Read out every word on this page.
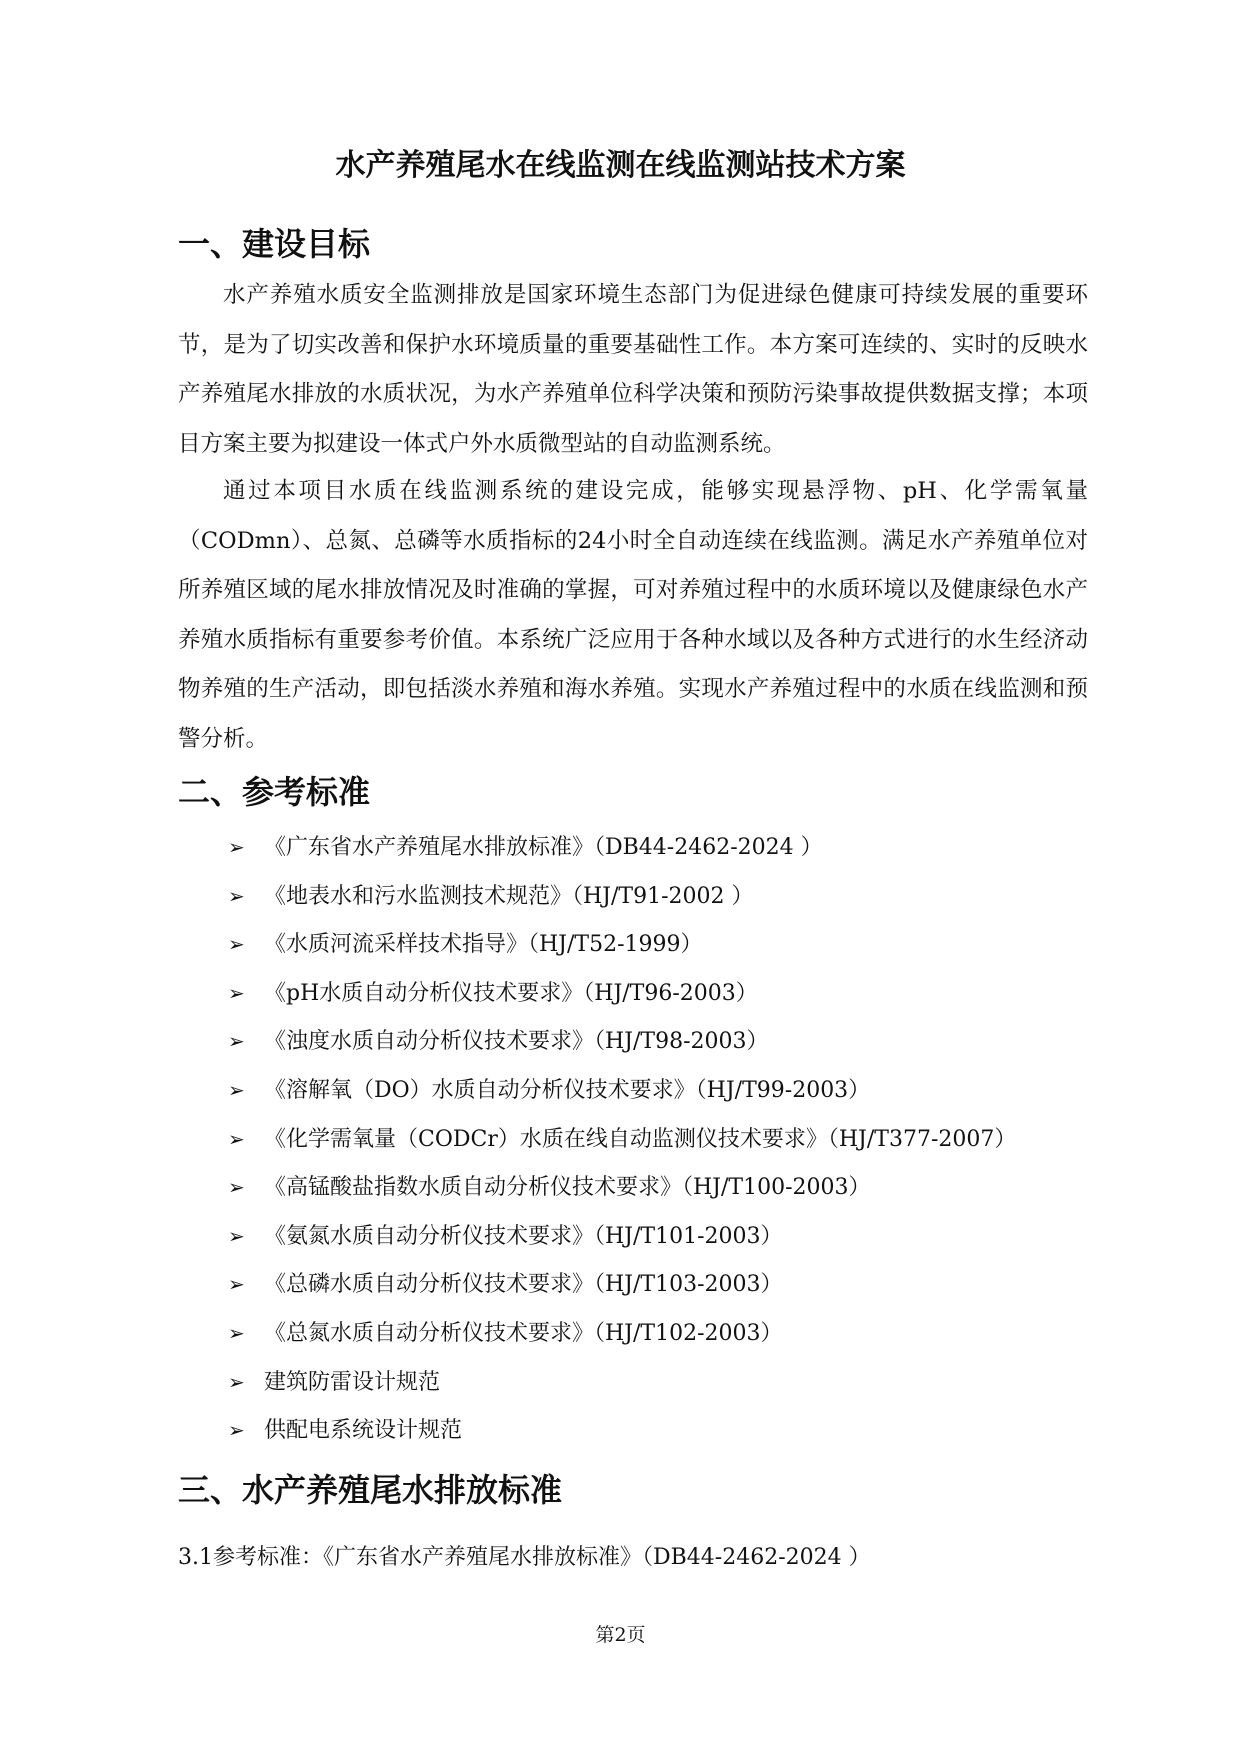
水产养殖尾水在线监测在线监测站技术方案
一、建设目标

水产养殖水质安全监测排放是国家环境生态部门为促进绿色健康可持续发展的重要环节，是为了切实改善和保护水环境质量的重要基础性工作。本方案可连续的、实时的反映水产养殖尾水排放的水质状况，为水产养殖单位科学决策和预防污染事故提供数据支撑；本项目方案主要为拟建设一体式户外水质微型站的自动监测系统。

通过本项目水质在线监测系统的建设完成，能够实现悬浮物、pH、化学需氧量（CODmn）、总氮、总磷等水质指标的24小时全自动连续在线监测。满足水产养殖单位对所养殖区域的尾水排放情况及时准确的掌握，可对养殖过程中的水质环境以及健康绿色水产养殖水质指标有重要参考价值。本系统广泛应用于各种水域以及各种方式进行的水生经济动物养殖的生产活动，即包括淡水养殖和海水养殖。实现水产养殖过程中的水质在线监测和预警分析。

二、参考标准
➢ 《广东省水产养殖尾水排放标准》（DB44-2462-2024 ）
➢ 《地表水和污水监测技术规范》（HJ/T91-2002 ）
➢ 《水质河流采样技术指导》（HJ/T52-1999）
➢ 《pH水质自动分析仪技术要求》（HJ/T96-2003）
➢ 《浊度水质自动分析仪技术要求》（HJ/T98-2003）
➢ 《溶解氧（DO）水质自动分析仪技术要求》（HJ/T99-2003）
➢ 《化学需氧量（CODCr）水质在线自动监测仪技术要求》（HJ/T377-2007）
➢ 《高锰酸盐指数水质自动分析仪技术要求》（HJ/T100-2003）
➢ 《氨氮水质自动分析仪技术要求》（HJ/T101-2003）
➢ 《总磷水质自动分析仪技术要求》（HJ/T103-2003）
➢ 《总氮水质自动分析仪技术要求》（HJ/T102-2003）
➢ 建筑防雷设计规范
➢ 供配电系统设计规范
三、水产养殖尾水排放标准
3.1参考标准：《广东省水产养殖尾水排放标准》（DB44-2462-2024 ）
第2页
